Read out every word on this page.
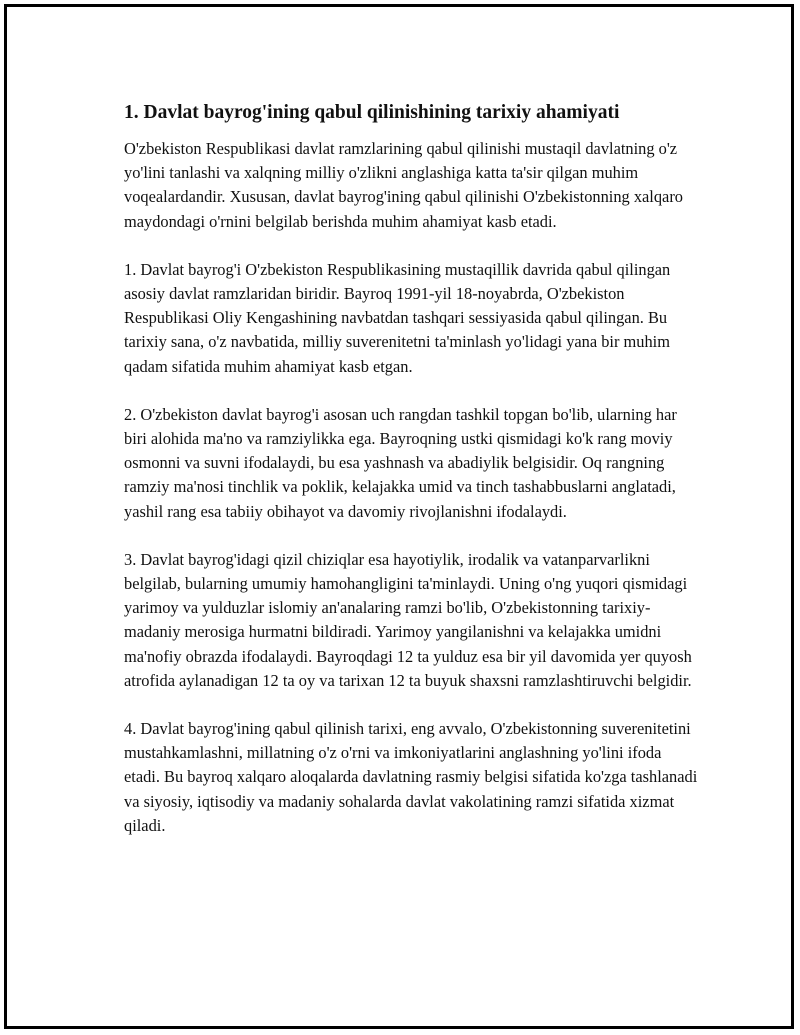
1. Davlat bayrog'ining qabul qilinishining tarixiy ahamiyati

O'zbekiston Respublikasi davlat ramzlarining qabul qilinishi mustaqil davlatning o'z yo'lini tanlashi va xalqning milliy o'zlikni anglashiga katta ta'sir qilgan muhim voqealardandir. Xususan, davlat bayrog'ining qabul qilinishi O'zbekistonning xalqaro maydondagi o'rnini belgilab berishda muhim ahamiyat kasb etadi.

1. Davlat bayrog'i O'zbekiston Respublikasining mustaqillik davrida qabul qilingan asosiy davlat ramzlaridan biridir. Bayroq 1991-yil 18-noyabrda, O'zbekiston Respublikasi Oliy Kengashining navbatdan tashqari sessiyasida qabul qilingan. Bu tarixiy sana, o'z navbatida, milliy suverenitetni ta'minlash yo'lidagi yana bir muhim qadam sifatida muhim ahamiyat kasb etgan.

2. O'zbekiston davlat bayrog'i asosan uch rangdan tashkil topgan bo'lib, ularning har biri alohida ma'no va ramziylikka ega. Bayroqning ustki qismidagi ko'k rang moviy osmonni va suvni ifodalaydi, bu esa yashnash va abadiylik belgisidir. Oq rangning ramziy ma'nosi tinchlik va poklik, kelajakka umid va tinch tashabbuslarni anglatadi, yashil rang esa tabiiy obihayot va davomiy rivojlanishni ifodalaydi.

3. Davlat bayrog'idagi qizil chiziqlar esa hayotiylik, irodalik va vatanparvarlikni belgilab, bularning umumiy hamohangligini ta'minlaydi. Uning o'ng yuqori qismidagi yarimoy va yulduzlar islomiy an'analaring ramzi bo'lib, O'zbekistonning tarixiy-madaniy merosiga hurmatni bildiradi. Yarimoy yangilanishni va kelajakka umidni ma'nofiy obrazda ifodalaydi. Bayroqdagi 12 ta yulduz esa bir yil davomida yer quyosh atrofida aylanadigan 12 ta oy va tarixan 12 ta buyuk shaxsni ramzlashtiruvchi belgidir.

4. Davlat bayrog'ining qabul qilinish tarixi, eng avvalo, O'zbekistonning suverenitetini mustahkamlashni, millatning o'z o'rni va imkoniyatlarini anglashning yo'lini ifoda etadi. Bu bayroq xalqaro aloqalarda davlatning rasmiy belgisi sifatida ko'zga tashlanadi va siyosiy, iqtisodiy va madaniy sohalarda davlat vakolatining ramzi sifatida xizmat qiladi.
